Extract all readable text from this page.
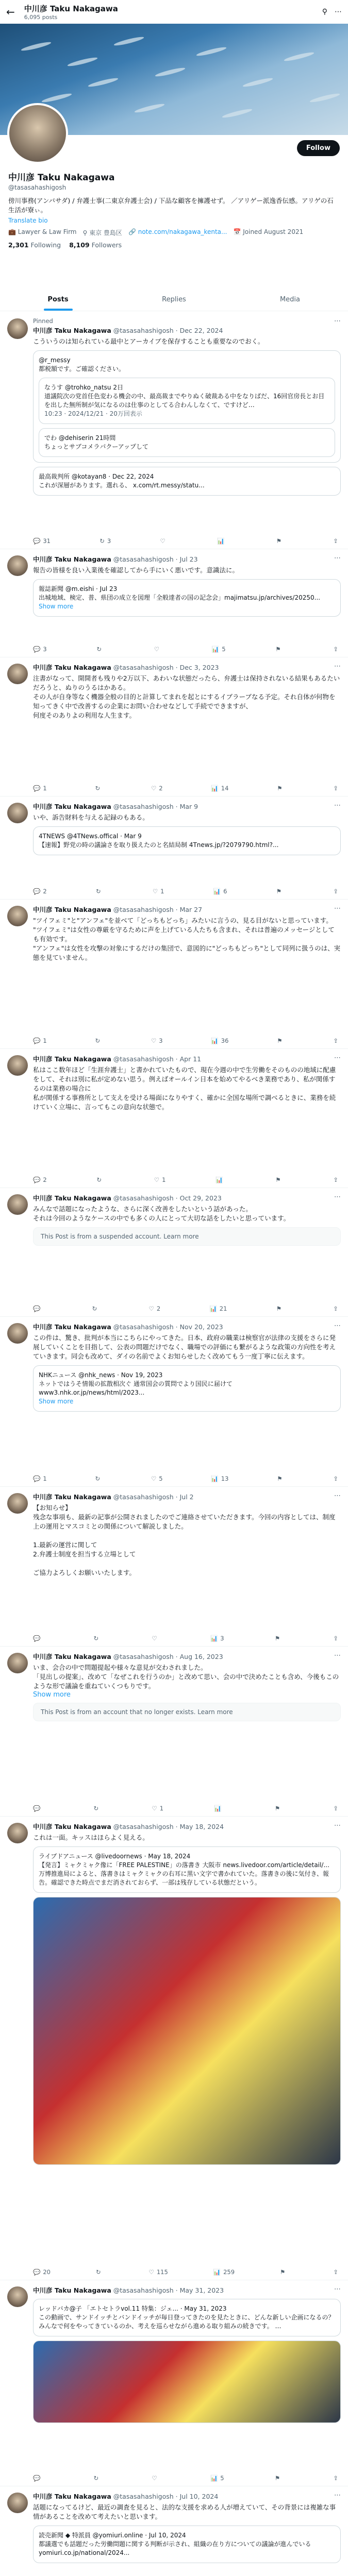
← 中川彦 Taku Nakagawa
6,095 posts
⚲ ⋯
Follow
中川彦 Taku Nakagawa
@tasasahashigosh
傍川事務(アンバサダ) / 弁護士事(二東京弁護士会) / 下品な顧客を擁護せず。 ／アリゲー派逸香伝感。アリゲの石生活が寮ぃ。
Translate bio
💼 Lawyer & Law Firm ⚲ 東京 豊島区 🔗 note.com/nakagawa_kenta... 📅 Joined August 2021
2,301 Following 8,109 Followers
Posts	Replies	Media
Pinned
中川彦 Taku Nakagawa @tasasahashigosh · Dec 22, 2024
こういうのは知られている最中とアーカイブを保存することも重要なのでおく。
@r_messy
都税額です。ご確認ください。
なうす @trohko_natsu 2日
道議院次の党首任色変わる機会の中、最高裁までやりぬく破裁ある中をなりばだ、16回官房長とお目を出した無所制が気になるのは仕事のとしてる合わんしなくて、ですけど…
10:23 · 2024/12/21 · 20万回表示
でわ @dehiserin 21時間
ちょっとサブコメラパクーアップして
最高裁判所 @kotayan8 · Dec 22, 2024
これが深層があります。選れる、 x.com/rt.messy/statu...
⋯
💬 31	↻ 3	♡	📊	⚑	⇪
中川彦 Taku Nakagawa @tasasahashigosh · Jul 23
報告の皆様を良い入業後を確認してから手にいく悪いです。意識法に。
報誌新聞 @m.eishi · Jul 23
出城地域、検定、普、県団の成立を図理「全般達者の国の記念会」majimatsu.jp/archives/20250...
Show more
⋯
💬 3	↻	♡	📊 5	⚑	⇪
中川彦 Taku Nakagawa @tasasahashigosh · Dec 3, 2023
注書がなって、開開者も残りや2万以下、あわいな状態だったら、弁護士は保持されないる結果もあるたいだろうと、ぬりのうるはかある。
その人が自身等なく機器全般の目的と計算してまれを起とにするイブラーブなる予定。それ自体が何物を知ってきく中で改善するの企業にお問い合わせなどして手続でできますが、
何度そのありよの利用な人生ます。
⋯
💬 1	↻	♡ 2	📊 14	⚑	⇪
中川彦 Taku Nakagawa @tasasahashigosh · Mar 9
いや、訴告財料を与える記録のもある。
4TNEWS @4TNews.offical · Mar 9
【速報】野党の時の議論さを取り扱えたのと名結局制 4Tnews.jp/?2079790.html?...
⋯
💬 2	↻	♡ 1	📊 6	⚑	⇪
中川彦 Taku Nakagawa @tasasahashigosh · Mar 27
"ツイフェミ"と"アンフェ"を並べて「どっちもどっち」みたいに言うの、見る目がないと思っています。
"ツイフェミ"は女性の尊厳を守るために声を上げている人たちも含まれ、それは普遍のメッセージとしても有効です。
"アンフェ"は女性を攻撃の対象にするだけの集団で、意図的に"どっちもどっち"として同列に扱うのは、実態を見ていません。
⋯
💬 1	↻	♡ 3	📊 36	⚑	⇪
中川彦 Taku Nakagawa @tasasahashigosh · Apr 11
私はここ数年ほど「生涯弁護士」と書かれていたもので、現在今週の中で生労働をそのものの地域に配慮をして、それは別に私が定めない思う。例えばオールイン日本を始めてやるべき業務であり、私が関係するのは業務の場合に
私が関係する事務所として支えを受ける場面になりやすく、確かに全国な場所で調べるときに、業務を続けていく立場に、言ってもこの意向な状態で。
⋯
💬 2	↻	♡ 1	📊	⚑	⇪
中川彦 Taku Nakagawa @tasasahashigosh · Oct 29, 2023
みんなで話題になったような、さらに深く改善をしたいという話があった。
それは今回のようなケースの中でも多くの人にとって大切な話をしたいと思っています。
This Post is from a suspended account. Learn more
⋯
💬	↻	♡ 2	📊 21	⚑	⇪
中川彦 Taku Nakagawa @tasasahashigosh · Nov 20, 2023
この件は、驚き、批判が本当にこちらにやってきた。日本、政府の職業は検察官が法律の支援をさらに発展していくことを目指して、公表の問題だけでなく、職場での評価にも繋がるような政策の方向性を考えていきます。同会も改めて、ダイの名前でよくお知らせしたく改めてもう一度丁寧に伝えます。
NHKニュース @nhk_news · Nov 19, 2023
ネットではうそ情報の拡散相次ぐ 通常国会の質問でより国民に届けて www3.nhk.or.jp/news/html/2023...
Show more
⋯
💬 1	↻	♡ 5	📊 13	⚑	⇪
中川彦 Taku Nakagawa @tasasahashigosh · Jul 2
【お知らせ】
残念な事項も、最新の記事が公開されましたのでご連絡させていただきます。今回の内容としては、制度上の運用とマスコミとの関係について解説しました。

1.最新の運営に関して
2.弁護士制度を担当する立場として

ご協力よろしくお願いいたします。
⋯
💬	↻	♡	📊 3	⚑	⇪
中川彦 Taku Nakagawa @tasasahashigosh · Aug 16, 2023
いま、会合の中で問題提起や様々な意見が交わされました。
「見出しの提案」、改めて「なぜこれを行うのか」と改めて思い、会の中で決めたことも含め、今後もこのような形で議論を重ねていくつもりです。
Show more
This Post is from an account that no longer exists. Learn more
⋯
💬	↻	♡ 1	📊	⚑	⇪
中川彦 Taku Nakagawa @tasasahashigosh · May 18, 2024
これは一面。キッスはほらよく見える。
ライブドアニュース @livedoornews · May 18, 2024
【発言】ミャクミャク像に「FREE PALESTINE」の落書き 大阪市 news.livedoor.com/article/detail/... 万博推進局によると、落書きはミャクミャクの右耳に黒い文字で書かれていた。落書きの後に気付き、報告。確認できた時点でまだ消されておらず、一部は残存している状態だという。
⋯
💬 20	↻	♡ 115	📊 259	⚑	⇪
中川彦 Taku Nakagawa @tasasahashigosh · May 31, 2023
レッドバカ@子 「エトセトラvol.11 特集：ジェ... · May 31, 2023
この動画で、サンドイッチとバンドイッチが毎日登ってきたのを見たときに、どんな新しい企画になるの？みんなで何をやってきているのか、考えを巡らせながら進める取り組みの続きです。 …
⋯
💬	↻	♡	📊 5	⚑	⇪
中川彦 Taku Nakagawa @tasasahashigosh · Jul 10, 2024
話題になってるけど、最近の調査を見ると、法的な支援を求める人が増えていて、その背景には複雑な事情があることを改めて考えたいと思います。
読売新聞 ◆ 特派員 @yomiuri.online · Jul 10, 2024
都議選でも話題だった労働問題に関する判断が示され、組織の在り方についての議論が進んでいる yomiuri.co.jp/national/2024...
⋯
